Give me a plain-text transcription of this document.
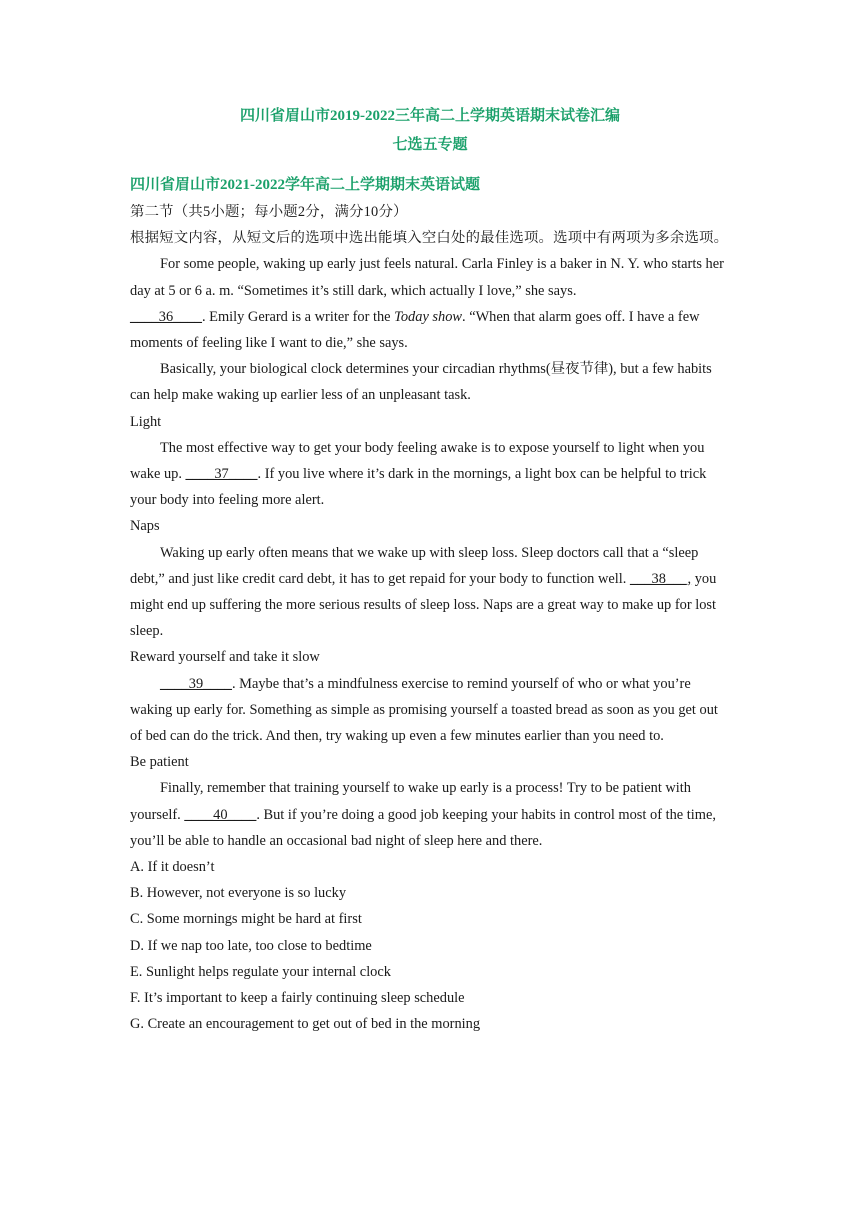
四川省眉山市2019-2022三年高二上学期英语期末试卷汇编
七选五专题
四川省眉山市2021-2022学年高二上学期期末英语试题

第二节（共5小题；每小题2分，满分10分）

根据短文内容，从短文后的选项中选出能填入空白处的最佳选项。选项中有两项为多余选项。

For some people, waking up early just feels natural. Carla Finley is a baker in N. Y. who starts her day at 5 or 6 a. m. “Sometimes it’s still dark, which actually I love,” she says.
____36____. Emily Gerard is a writer for the Today show. “When that alarm goes off. I have a few moments of feeling like I want to die,” she says.

Basically, your biological clock determines your circadian rhythms(昼夜节律), but a few habits can help make waking up earlier less of an unpleasant task.

Light

The most effective way to get your body feeling awake is to expose yourself to light when you wake up. ____37____. If you live where it’s dark in the mornings, a light box can be helpful to trick your body into feeling more alert.

Naps

Waking up early often means that we wake up with sleep loss. Sleep doctors call that a “sleep debt,” and just like credit card debt, it has to get repaid for your body to function well. ___38___, you might end up suffering the more serious results of sleep loss. Naps are a great way to make up for lost sleep.

Reward yourself and take it slow

____39____. Maybe that’s a mindfulness exercise to remind yourself of who or what you’re waking up early for. Something as simple as promising yourself a toasted bread as soon as you get out of bed can do the trick. And then, try waking up even a few minutes earlier than you need to.

Be patient

Finally, remember that training yourself to wake up early is a process! Try to be patient with yourself. ____40____. But if you’re doing a good job keeping your habits in control most of the time, you’ll be able to handle an occasional bad night of sleep here and there.

A. If it doesn’t

B. However, not everyone is so lucky

C. Some mornings might be hard at first

D. If we nap too late, too close to bedtime

E. Sunlight helps regulate your internal clock

F. It’s important to keep a fairly continuing sleep schedule

G. Create an encouragement to get out of bed in the morning
